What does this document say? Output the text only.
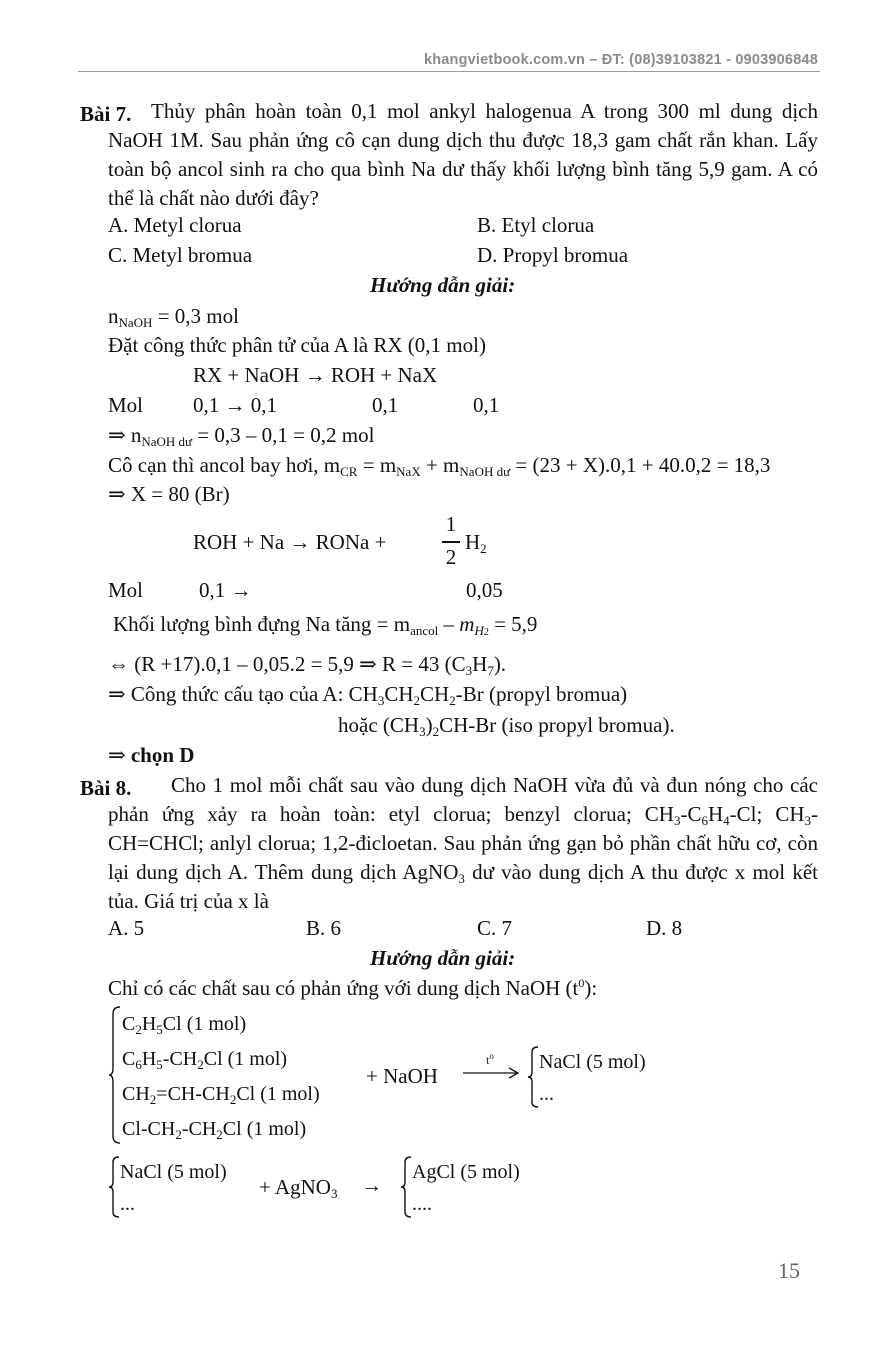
khangvietbook.com.vn – ĐT: (08)39103821 - 0903906848
Bài 7. Thủy phân hoàn toàn 0,1 mol ankyl halogenua A trong 300 ml dung dịch NaOH 1M. Sau phản ứng cô cạn dung dịch thu được 18,3 gam chất rắn khan. Lấy toàn bộ ancol sinh ra cho qua bình Na dư thấy khối lượng bình tăng 5,9 gam. A có thể là chất nào dưới đây?
A. Metyl clorua	B. Etyl clorua
C. Metyl bromua	D. Propyl bromua
Hướng dẫn giải:
$n_{NaOH} = 0,3$ mol
Đặt công thức phân tử của A là RX (0,1 mol)
RX + NaOH → ROH + NaX
Mol 0,1 → 0,1	0,1	0,1
⇒ $n_{NaOH dư} = 0,3 - 0,1 = 0,2$ mol
Cô cạn thì ancol bay hơi, $m_{CR} = m_{NaX} + m_{NaOH dư} = (23 + X).0,1 + 40.0,2 = 18,3$
⇒ X = 80 (Br)
ROH + Na → RONa +
1
2
$H_2$
Mol	0,1 →	0,05
Khối lượng bình đựng Na tăng = $m_{ancol} - m_{H2} = 5,9$
⇔ (R +17).0,1 – 0,05.2 = 5,9 ⇒ R = 43 $(C_3H_7)$.
⇒ Công thức cấu tạo của A: $CH_3CH_2CH_2-Br$ (propyl bromua)
hoặc $(CH_3)_2CH-Br$ (iso propyl bromua).
⇒ chọn D
Bài 8.	Cho 1 mol mỗi chất sau vào dung dịch NaOH vừa đủ và đun nóng cho các phản ứng xảy ra hoàn toàn: etyl clorua; benzyl clorua; $CH_3-C_6H_4-Cl$; $CH_3-CH=CHCl$; anlyl clorua; 1,2-đicloetan. Sau phản ứng gạn bỏ phần chất hữu cơ, còn lại dung dịch A. Thêm dung dịch AgNO$_3$ dư vào dung dịch A thu được x mol kết tủa. Giá trị của x là
A. 5	B. 6	C. 7	D. 8
Hướng dẫn giải:
Chỉ có các chất sau có phản ứng với dung dịch NaOH $(t^0)$:
$C_2H_5Cl$ (1 mol)
$C_6H_5-CH_2Cl$ (1 mol)
$CH_2=CH-CH_2Cl$ (1 mol)
$Cl-CH_2-CH_2Cl$ (1 mol)
+ NaOH
$t^o$ NaCl (5 mol)
...
NaCl (5 mol)
...
+ AgNO$_3$ →
AgCl (5 mol)
....
15
